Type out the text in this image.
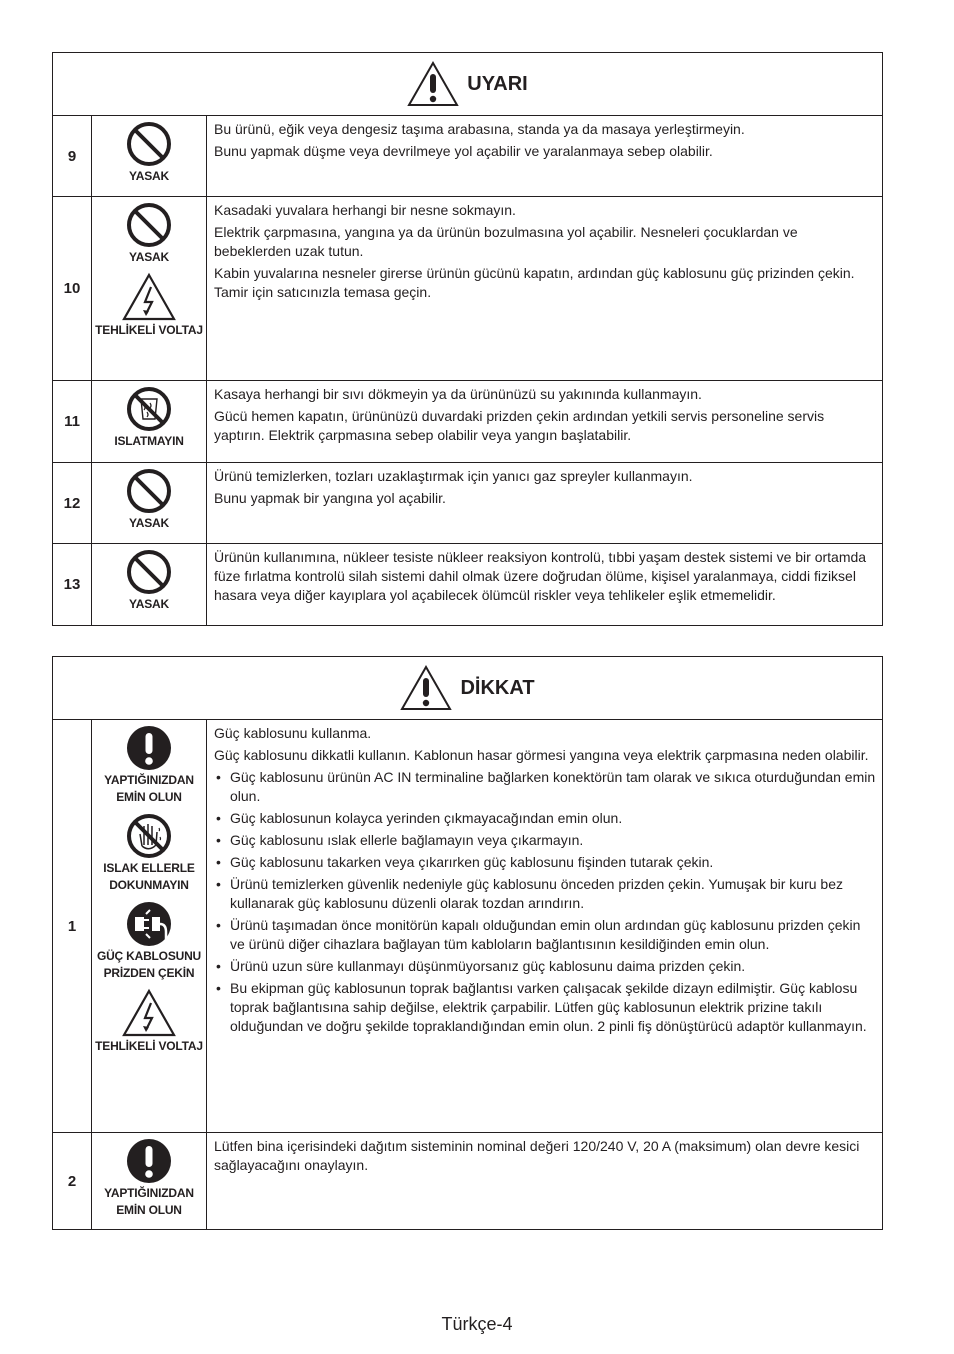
UYARI
9
YASAK

Bu ürünü, eğik veya dengesiz taşıma arabasına, standa ya da masaya yerleştirmeyin.

Bunu yapmak düşme veya devrilmeye yol açabilir ve yaralanmaya sebep olabilir.

10
YASAK
TEHLİKELİ VOLTAJ

Kasadaki yuvalara herhangi bir nesne sokmayın.

Elektrik çarpmasına, yangına ya da ürünün bozulmasına yol açabilir. Nesneleri çocuklardan ve bebeklerden uzak tutun.

Kabin yuvalarına nesneler girerse ürünün gücünü kapatın, ardından güç kablosunu güç prizinden çekin. Tamir için satıcınızla temasa geçin.

11
ISLATMAYIN

Kasaya herhangi bir sıvı dökmeyin ya da ürününüzü su yakınında kullanmayın.

Gücü hemen kapatın, ürününüzü duvardaki prizden çekin ardından yetkili servis personeline servis yaptırın. Elektrik çarpmasına sebep olabilir veya yangın başlatabilir.

12
YASAK

Ürünü temizlerken, tozları uzaklaştırmak için yanıcı gaz spreyler kullanmayın.

Bunu yapmak bir yangına yol açabilir.

13
YASAK

Ürünün kullanımına, nükleer tesiste nükleer reaksiyon kontrolü, tıbbi yaşam destek sistemi ve bir ortamda füze fırlatma kontrolü silah sistemi dahil olmak üzere doğrudan ölüme, kişisel yaralanmaya, ciddi fiziksel hasara veya diğer kayıplara yol açabilecek ölümcül riskler veya tehlikeler eşlik etmemelidir.

DİKKAT
1
YAPTIĞINIZDAN EMİN OLUN
ISLAK ELLERLE DOKUNMAYIN
GÜÇ KABLOSUNU PRİZDEN ÇEKİN
TEHLİKELİ VOLTAJ

Güç kablosunu kullanma.

Güç kablosunu dikkatli kullanın. Kablonun hasar görmesi yangına veya elektrik çarpmasına neden olabilir.

• Güç kablosunu ürünün AC IN terminaline bağlarken konektörün tam olarak ve sıkıca oturduğundan emin olun.
• Güç kablosunun kolayca yerinden çıkmayacağından emin olun.
• Güç kablosunu ıslak ellerle bağlamayın veya çıkarmayın.
• Güç kablosunu takarken veya çıkarırken güç kablosunu fişinden tutarak çekin.
• Ürünü temizlerken güvenlik nedeniyle güç kablosunu önceden prizden çekin. Yumuşak bir kuru bez kullanarak güç kablosunu düzenli olarak tozdan arındırın.
• Ürünü taşımadan önce monitörün kapalı olduğundan emin olun ardından güç kablosunu prizden çekin ve ürünü diğer cihazlara bağlayan tüm kabloların bağlantısının kesildiğinden emin olun.
• Ürünü uzun süre kullanmayı düşünmüyorsanız güç kablosunu daima prizden çekin.
• Bu ekipman güç kablosunun toprak bağlantısı varken çalışacak şekilde dizayn edilmiştir. Güç kablosu toprak bağlantısına sahip değilse, elektrik çarpabilir. Lütfen güç kablosunun elektrik prizine takılı olduğundan ve doğru şekilde topraklandığından emin olun. 2 pinli fiş dönüştürücü adaptör kullanmayın.
2
YAPTIĞINIZDAN EMİN OLUN

Lütfen bina içerisindeki dağıtım sisteminin nominal değeri 120/240 V, 20 A (maksimum) olan devre kesici sağlayacağını onaylayın.

Türkçe-4
